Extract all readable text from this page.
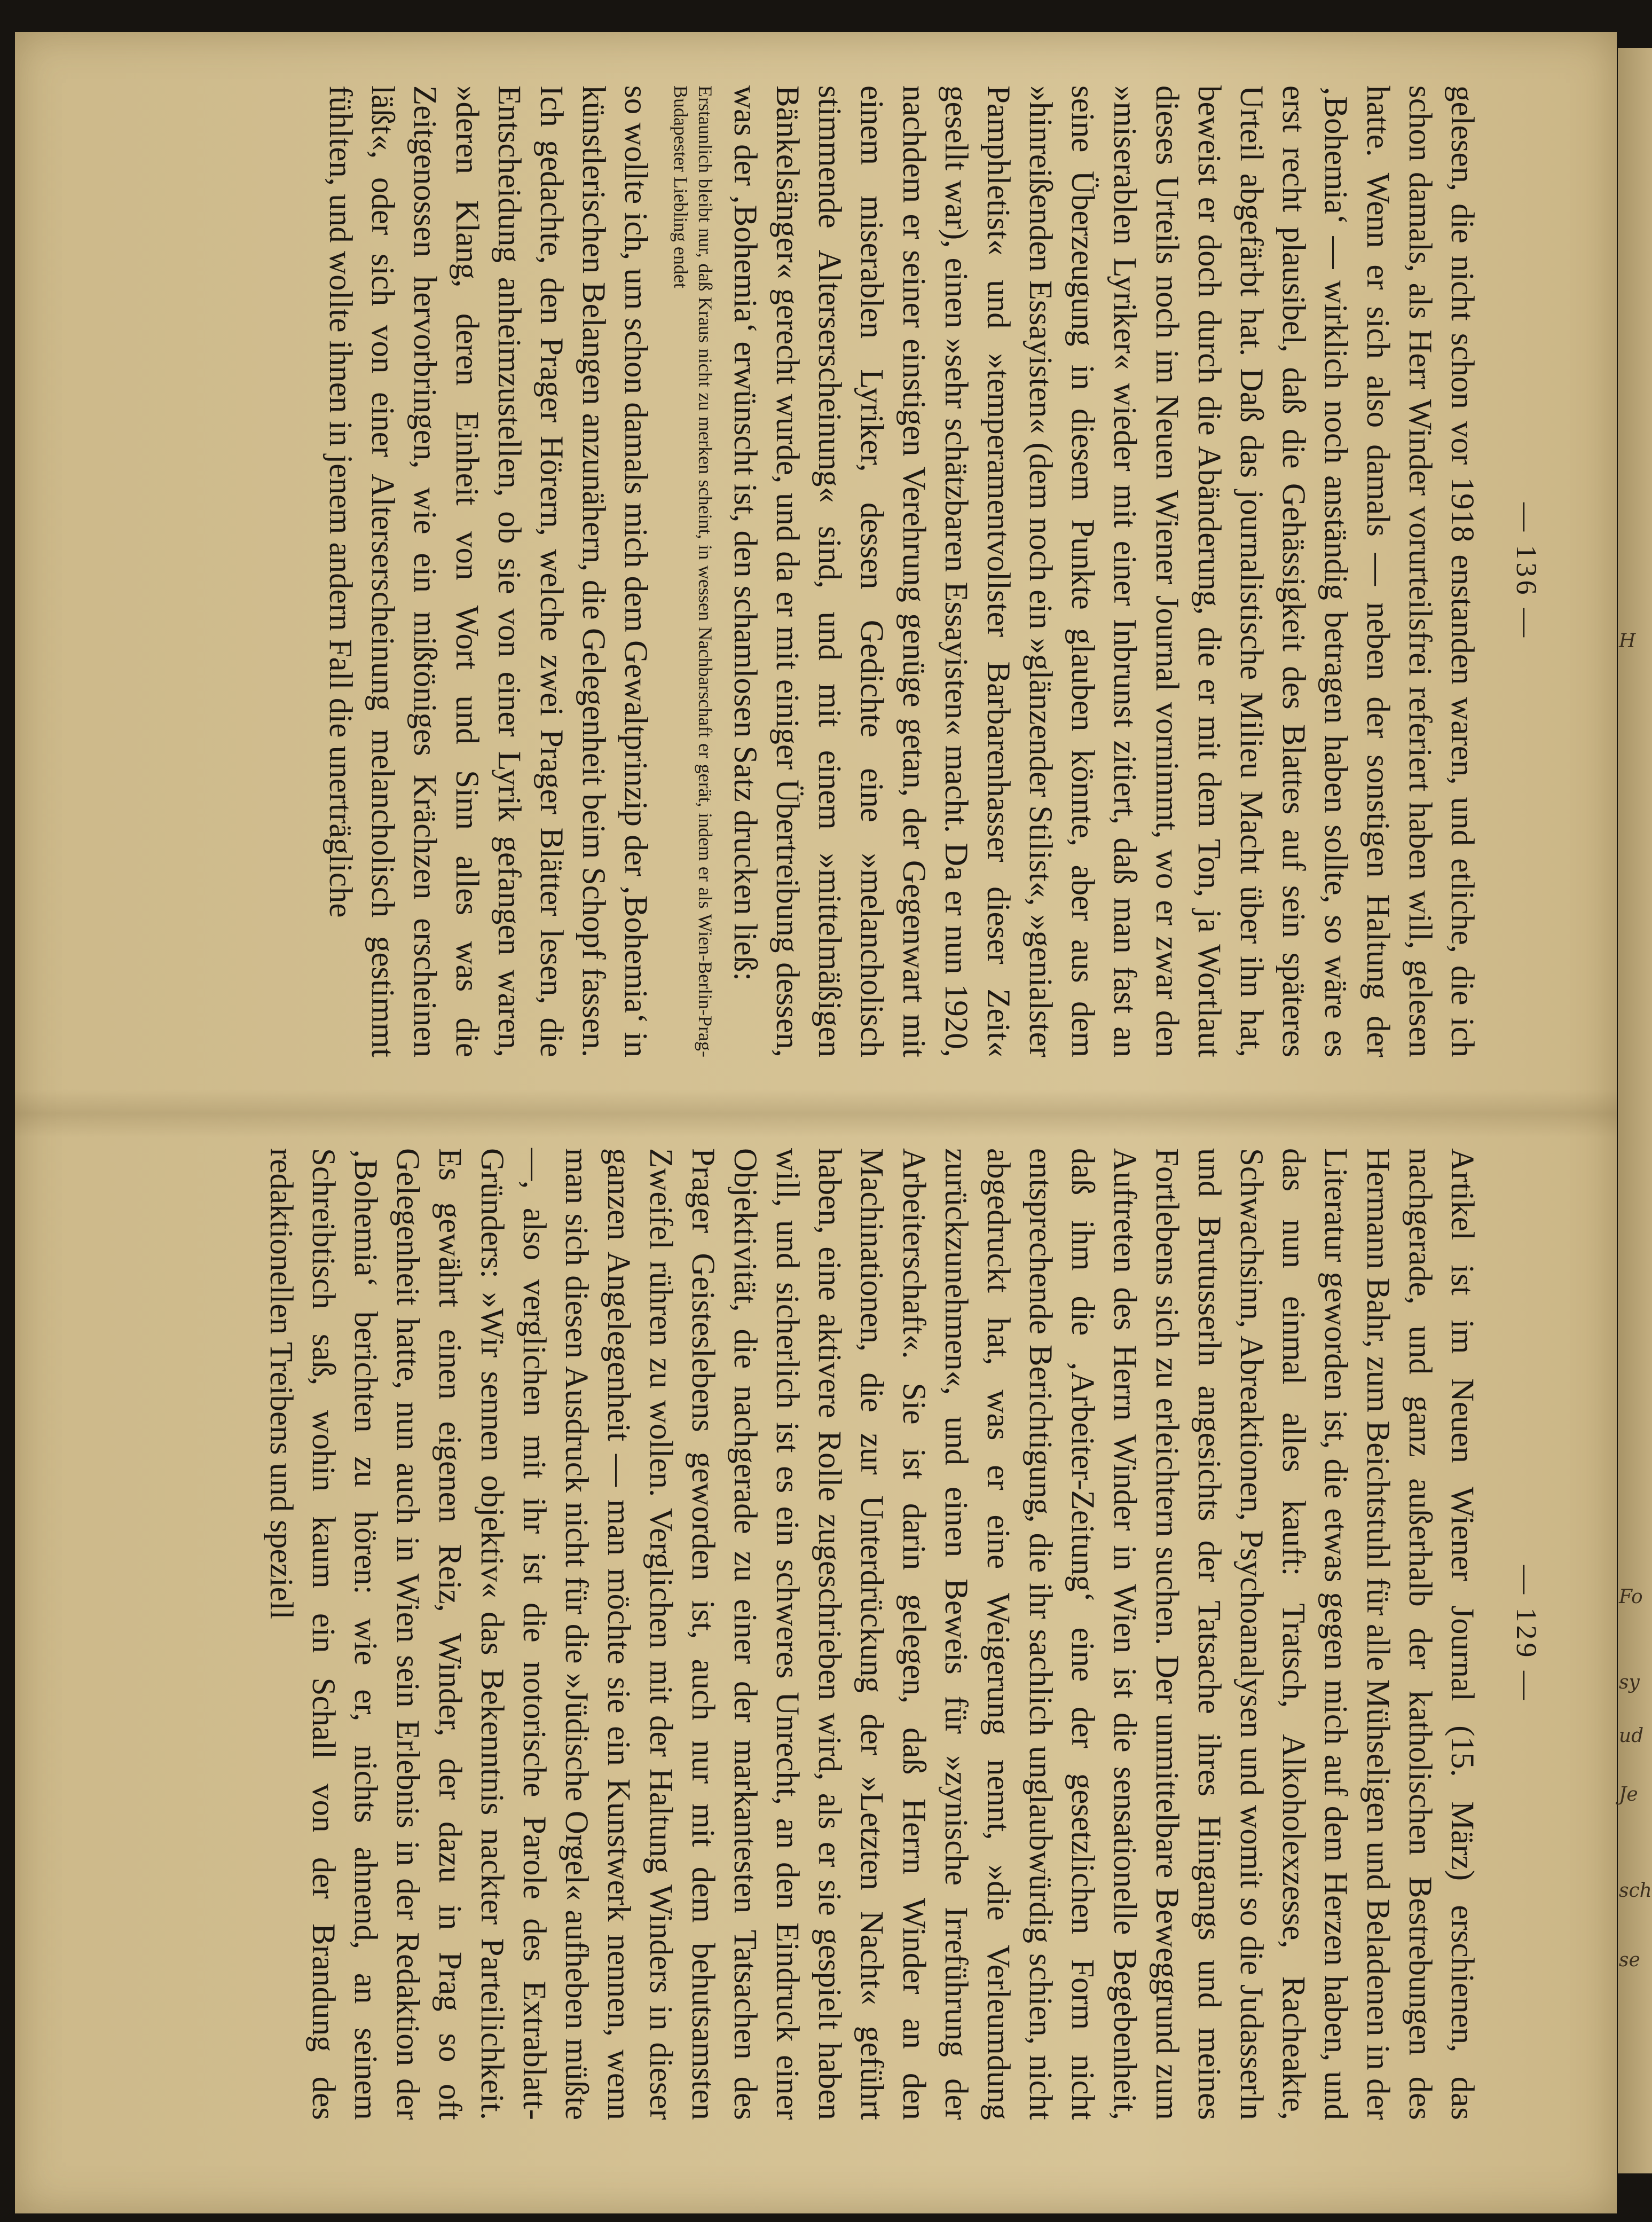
H
Fo
sy
ud
Je
sch
se
— 136 —

gelesen, die nicht schon vor 1918 enstanden waren, und etliche, die ich schon damals, als Herr Winder vorurteilsfrei referiert haben will, gelesen hatte. Wenn er sich also damals — neben der sonstigen Haltung der ‚Bohemia‘ — wirklich noch anständig betragen haben sollte, so wäre es erst recht plausibel, daß die Gehässigkeit des Blattes auf sein späteres Urteil abgefärbt hat. Daß das journalistische Milieu Macht über ihn hat, beweist er doch durch die Abänderung, die er mit dem Ton, ja Wortlaut dieses Urteils noch im Neuen Wiener Journal vornimmt, wo er zwar den »miserablen Lyriker« wieder mit einer Inbrunst zitiert, daß man fast an seine Überzeugung in diesem Punkte glauben könnte, aber aus dem »hinreißenden Essayisten« (dem noch ein »glänzender Stilist«, »genialster Pamphletist« und »temperamentvollster Barbarenhasser dieser Zeit« gesellt war), einen »sehr schätzbaren Essayisten« macht. Da er nun 1920, nachdem er seiner einstigen Verehrung genüge getan, der Gegenwart mit einem miserablen Lyriker, dessen Gedichte eine »melancholisch stimmende Alterserscheinung« sind, und mit einem »mittelmäßigen Bänkelsänger« gerecht wurde, und da er mit einiger Übertreibung dessen, was der ‚Bohemia‘ erwünscht ist, den schamlosen Satz drucken ließ:

Erstaunlich bleibt nur, daß Kraus nicht zu merken scheint, in wessen Nachbarschaft er gerät, indem er als Wien-Berlin-Prag-Budapester Liebling endet

so wollte ich, um schon damals mich dem Gewaltprinzip der ‚Bohemia‘ in künstlerischen Belangen anzunähern, die Gelegenheit beim Schopf fassen. Ich gedachte, den Prager Hörern, welche zwei Prager Blätter lesen, die Entscheidung anheimzustellen, ob sie von einer Lyrik gefangen waren, »deren Klang, deren Einheit von Wort und Sinn alles was die Zeitgenossen hervorbringen, wie ein mißtöniges Krächzen erscheinen läßt«, oder sich von einer Alterserscheinung melancholisch gestimmt fühlten, und wollte ihnen in jenem andern Fall die unerträgliche

— 129 —

Artikel ist im Neuen Wiener Journal (15. März) erschienen, das nachgerade, und ganz außerhalb der katholischen Bestrebungen des Hermann Bahr, zum Beichtstuhl für alle Mühseligen und Beladenen in der Literatur geworden ist, die etwas gegen mich auf dem Herzen haben, und das nun einmal alles kauft: Tratsch, Alkoholexzesse, Racheakte, Schwachsinn, Abreaktionen, Psychoanalysen und womit so die Judasserln und Brutusserln angesichts der Tatsache ihres Hingangs und meines Fortlebens sich zu erleichtern suchen. Der unmittelbare Beweggrund zum Auftreten des Herrn Winder in Wien ist die sensationelle Begebenheit, daß ihm die ‚Arbeiter-Zeitung‘ eine der gesetzlichen Form nicht entsprechende Berichtigung, die ihr sachlich unglaubwürdig schien, nicht abgedruckt hat, was er eine Weigerung nennt, »die Verleumdung zurückzunehmen«, und einen Beweis für »zynische Irreführung der Arbeiterschaft«. Sie ist darin gelegen, daß Herrn Winder an den Machinationen, die zur Unterdrückung der »Letzten Nacht« geführt haben, eine aktivere Rolle zugeschrieben wird, als er sie gespielt haben will, und sicherlich ist es ein schweres Unrecht, an den Eindruck einer Objektivität, die nachgerade zu einer der markantesten Tatsachen des Prager Geisteslebens geworden ist, auch nur mit dem behutsamsten Zweifel rühren zu wollen. Verglichen mit der Haltung Winders in dieser ganzen Angelegenheit — man möchte sie ein Kunstwerk nennen, wenn man sich diesen Ausdruck nicht für die »Jüdische Orgel« aufheben müßte —, also verglichen mit ihr ist die notorische Parole des Extrablatt-Gründers: »Wir sennen objektiv« das Bekenntnis nackter Parteilichkeit. Es gewährt einen eigenen Reiz, Winder, der dazu in Prag so oft Gelegenheit hatte, nun auch in Wien sein Erlebnis in der Redaktion der ‚Bohemia‘ berichten zu hören: wie er, nichts ahnend, an seinem Schreibtisch saß, wohin kaum ein Schall von der Brandung des redaktionellen Treibens und speziell
